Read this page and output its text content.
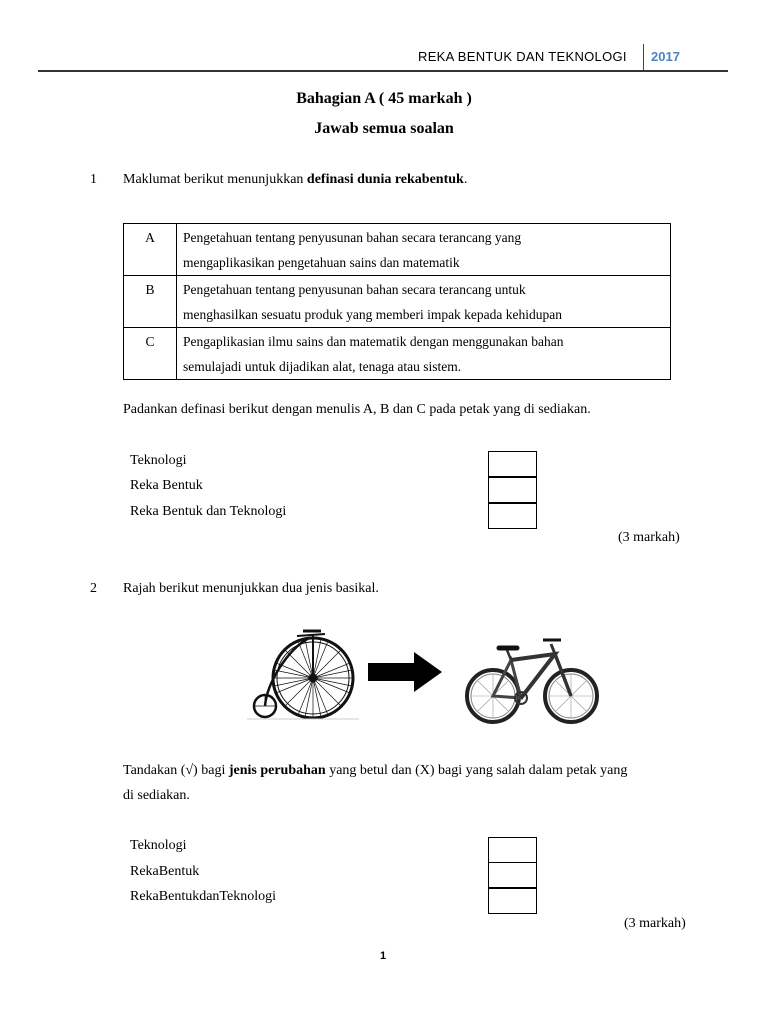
REKA BENTUK DAN TEKNOLOGI 2017
Bahagian A ( 45 markah )
Jawab semua soalan
1 Maklumat berikut menunjukkan definasi dunia rekabentuk.
A	Pengetahuan tentang penyusunan bahan secara terancang yang
mengaplikasikan pengetahuan sains dan matematik

B	Pengetahuan tentang penyusunan bahan secara terancang untuk
menghasilkan sesuatu produk yang memberi impak kepada kehidupan

C	Pengaplikasian ilmu sains dan matematik dengan menggunakan bahan
semulajadi untuk dijadikan alat, tenaga atau sistem.
Padankan definasi berikut dengan menulis A, B dan C pada petak yang di sediakan.
Teknologi
Reka Bentuk
Reka Bentuk dan Teknologi
(3 markah)
2 Rajah berikut menunjukkan dua jenis basikal.
Tandakan (√) bagi jenis perubahan yang betul dan (X) bagi yang salah dalam petak yang
di sediakan.
Teknologi
RekaBentuk
RekaBentukdanTeknologi
(3 markah)
1
